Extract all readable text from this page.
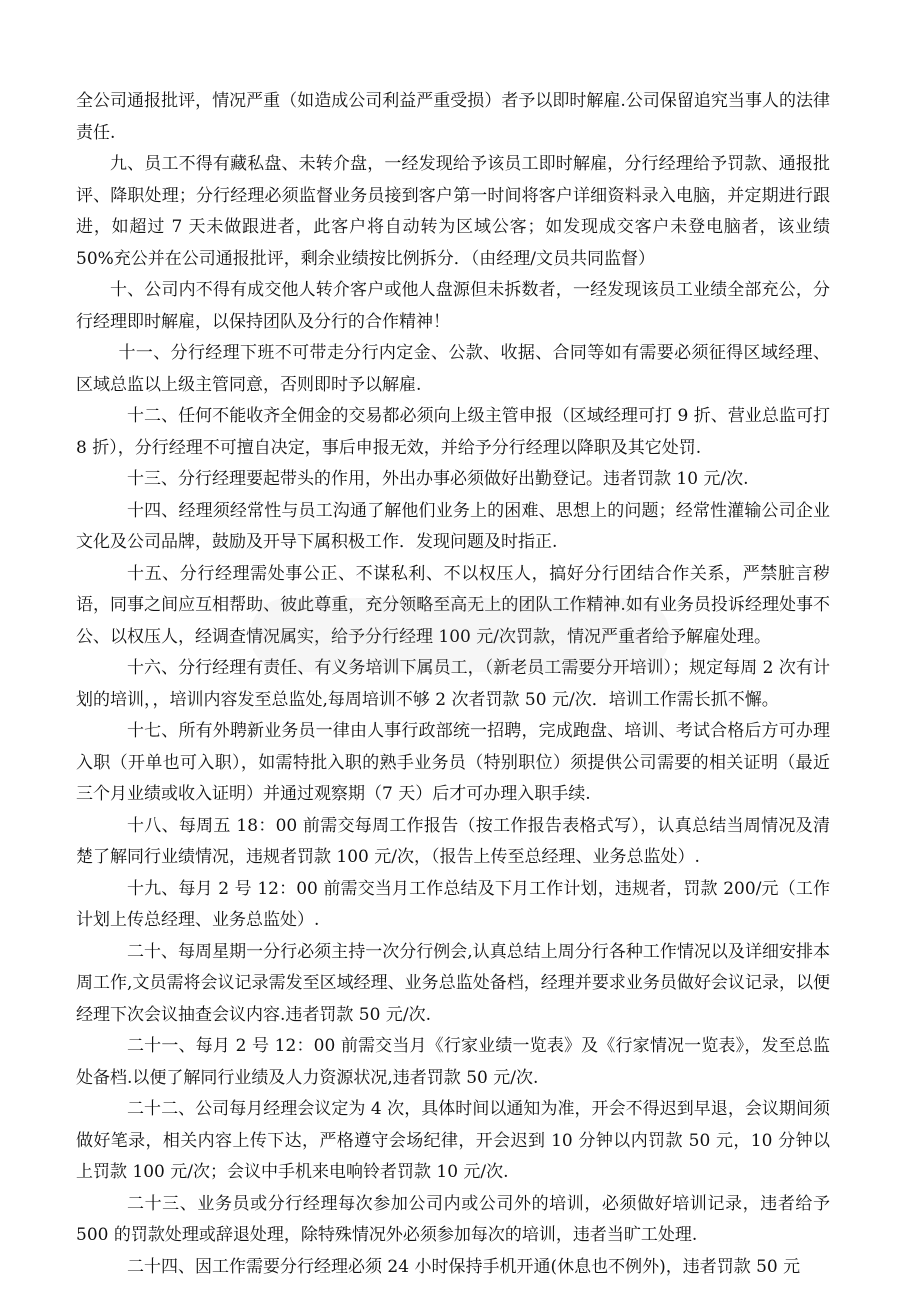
全公司通报批评，情况严重（如造成公司利益严重受损）者予以即时解雇.公司保留追究当事人的法律责任.

九、员工不得有藏私盘、未转介盘，一经发现给予该员工即时解雇，分行经理给予罚款、通报批评、降职处理；分行经理必须监督业务员接到客户第一时间将客户详细资料录入电脑，并定期进行跟进，如超过 7 天未做跟进者，此客户将自动转为区域公客；如发现成交客户未登电脑者，该业绩 50%充公并在公司通报批评，剩余业绩按比例拆分．（由经理/文员共同监督）

十、公司内不得有成交他人转介客户或他人盘源但未拆数者，一经发现该员工业绩全部充公，分行经理即时解雇，以保持团队及分行的合作精神！

十一、分行经理下班不可带走分行内定金、公款、收据、合同等如有需要必须征得区域经理、区域总监以上级主管同意，否则即时予以解雇.

十二、任何不能收齐全佣金的交易都必须向上级主管申报（区域经理可打 9 折、营业总监可打 8 折），分行经理不可擅自决定，事后申报无效，并给予分行经理以降职及其它处罚.

十三、分行经理要起带头的作用，外出办事必须做好出勤登记。违者罚款 10 元/次.

十四、经理须经常性与员工沟通了解他们业务上的困难、思想上的问题；经常性灌输公司企业文化及公司品牌，鼓励及开导下属积极工作．发现问题及时指正.

十五、分行经理需处事公正、不谋私利、不以权压人，搞好分行团结合作关系，严禁脏言秽语，同事之间应互相帮助、彼此尊重，充分领略至高无上的团队工作精神.如有业务员投诉经理处事不公、以权压人，经调查情况属实，给予分行经理 100 元/次罚款，情况严重者给予解雇处理。

十六、分行经理有责任、有义务培训下属员工，（新老员工需要分开培训）；规定每周 2 次有计划的培训，，培训内容发至总监处,每周培训不够 2 次者罚款 50 元/次．培训工作需长抓不懈。

十七、所有外聘新业务员一律由人事行政部统一招聘，完成跑盘、培训、考试合格后方可办理入职（开单也可入职），如需特批入职的熟手业务员（特别职位）须提供公司需要的相关证明（最近三个月业绩或收入证明）并通过观察期（7 天）后才可办理入职手续.

十八、每周五 18：00 前需交每周工作报告（按工作报告表格式写），认真总结当周情况及清楚了解同行业绩情况，违规者罚款 100 元/次，（报告上传至总经理、业务总监处）.

十九、每月 2 号 12：00 前需交当月工作总结及下月工作计划，违规者，罚款 200/元（工作计划上传总经理、业务总监处）.

二十、每周星期一分行必须主持一次分行例会,认真总结上周分行各种工作情况以及详细安排本周工作,文员需将会议记录需发至区域经理、业务总监处备档，经理并要求业务员做好会议记录，以便经理下次会议抽查会议内容.违者罚款 50 元/次.

二十一、每月 2 号 12：00 前需交当月《行家业绩一览表》及《行家情况一览表》，发至总监处备档.以便了解同行业绩及人力资源状况,违者罚款 50 元/次.

二十二、公司每月经理会议定为 4 次，具体时间以通知为准，开会不得迟到早退，会议期间须做好笔录，相关内容上传下达，严格遵守会场纪律，开会迟到 10 分钟以内罚款 50 元，10 分钟以上罚款 100 元/次；会议中手机来电响铃者罚款 10 元/次.

二十三、业务员或分行经理每次参加公司内或公司外的培训，必须做好培训记录，违者给予 500 的罚款处理或辞退处理，除特殊情况外必须参加每次的培训，违者当旷工处理.

二十四、因工作需要分行经理必须 24 小时保持手机开通(休息也不例外)，违者罚款 50 元
